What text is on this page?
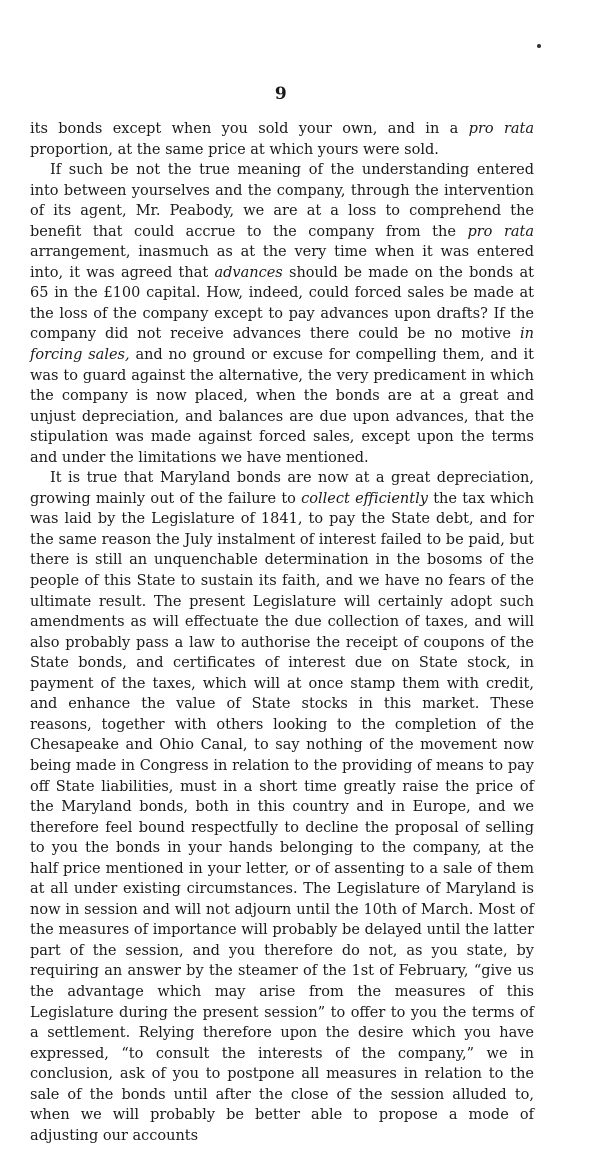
9

its bonds except when you sold your own, and in a pro rata proportion, at the same price at which yours were sold.

If such be not the true meaning of the understanding entered into between yourselves and the company, through the intervention of its agent, Mr. Peabody, we are at a loss to comprehend the benefit that could accrue to the company from the pro rata arrangement, inasmuch as at the very time when it was entered into, it was agreed that advances should be made on the bonds at 65 in the £100 capital. How, indeed, could forced sales be made at the loss of the company except to pay advances upon drafts? If the company did not receive advances there could be no motive in forcing sales, and no ground or excuse for compelling them, and it was to guard against the alternative, the very predicament in which the company is now placed, when the bonds are at a great and unjust depreciation, and balances are due upon advances, that the stipulation was made against forced sales, except upon the terms and under the limitations we have mentioned.

It is true that Maryland bonds are now at a great depreciation, growing mainly out of the failure to collect efficiently the tax which was laid by the Legislature of 1841, to pay the State debt, and for the same reason the July instalment of interest failed to be paid, but there is still an unquenchable determination in the bosoms of the people of this State to sustain its faith, and we have no fears of the ultimate result. The present Legislature will certainly adopt such amendments as will effectuate the due collection of taxes, and will also probably pass a law to authorise the receipt of coupons of the State bonds, and certificates of interest due on State stock, in payment of the taxes, which will at once stamp them with credit, and enhance the value of State stocks in this market. These reasons, together with others looking to the completion of the Chesapeake and Ohio Canal, to say nothing of the movement now being made in Congress in relation to the providing of means to pay off State liabilities, must in a short time greatly raise the price of the Maryland bonds, both in this country and in Europe, and we therefore feel bound respectfully to decline the proposal of selling to you the bonds in your hands belonging to the company, at the half price mentioned in your letter, or of assenting to a sale of them at all under existing circumstances. The Legislature of Maryland is now in session and will not adjourn until the 10th of March. Most of the measures of importance will probably be delayed until the latter part of the session, and you therefore do not, as you state, by requiring an answer by the steamer of the 1st of February, “give us the advantage which may arise from the measures of this Legislature during the present session” to offer to you the terms of a settlement. Relying therefore upon the desire which you have expressed, “to consult the interests of the company,” we in conclusion, ask of you to postpone all measures in relation to the sale of the bonds until after the close of the session alluded to, when we will probably be better able to propose a mode of adjusting our accounts
